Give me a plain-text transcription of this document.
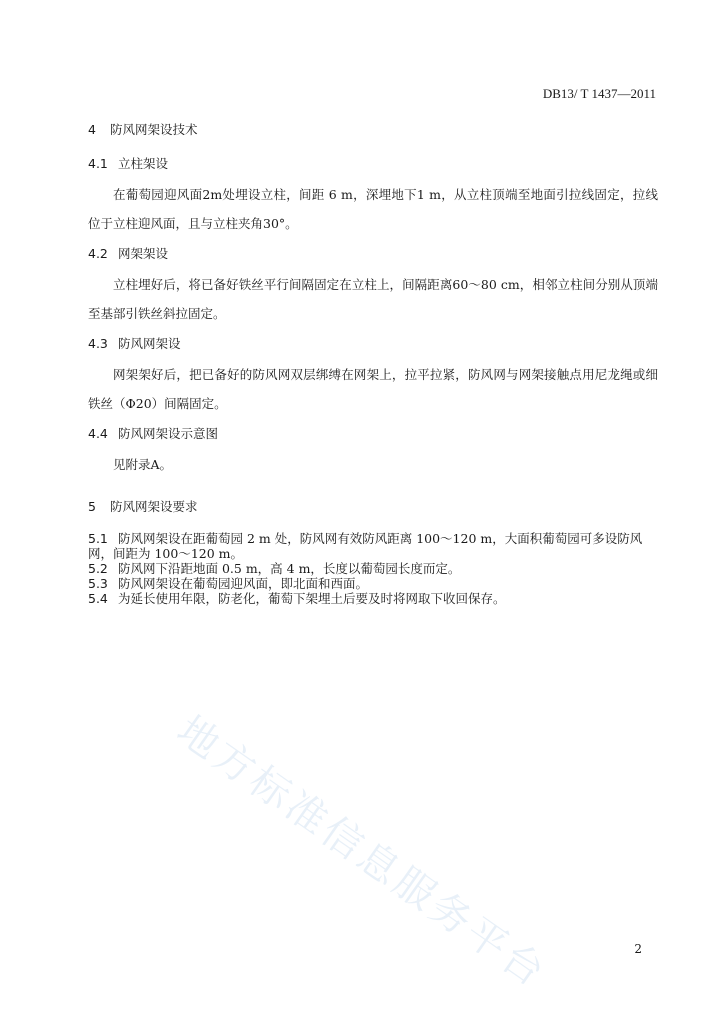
DB13/ T 1437—2011
地方标准信息服务平台
4 防风网架设技术
4.1 立柱架设

在葡萄园迎风面2m处埋设立柱，间距 6 m，深埋地下1 m，从立柱顶端至地面引拉线固定，拉线位于立柱迎风面，且与立柱夹角30°。

4.2 网架架设

立柱埋好后，将已备好铁丝平行间隔固定在立柱上，间隔距离60～80 cm，相邻立柱间分别从顶端至基部引铁丝斜拉固定。

4.3 防风网架设

网架架好后，把已备好的防风网双层绑缚在网架上，拉平拉紧，防风网与网架接触点用尼龙绳或细铁丝（Φ20）间隔固定。

4.4 防风网架设示意图

见附录A。

5 防风网架设要求

5.1 防风网架设在距葡萄园 2 m 处，防风网有效防风距离 100～120 m，大面积葡萄园可多设防风网，间距为 100～120 m。

5.2 防风网下沿距地面 0.5 m，高 4 m，长度以葡萄园长度而定。

5.3 防风网架设在葡萄园迎风面，即北面和西面。

5.4 为延长使用年限，防老化，葡萄下架埋土后要及时将网取下收回保存。

2
